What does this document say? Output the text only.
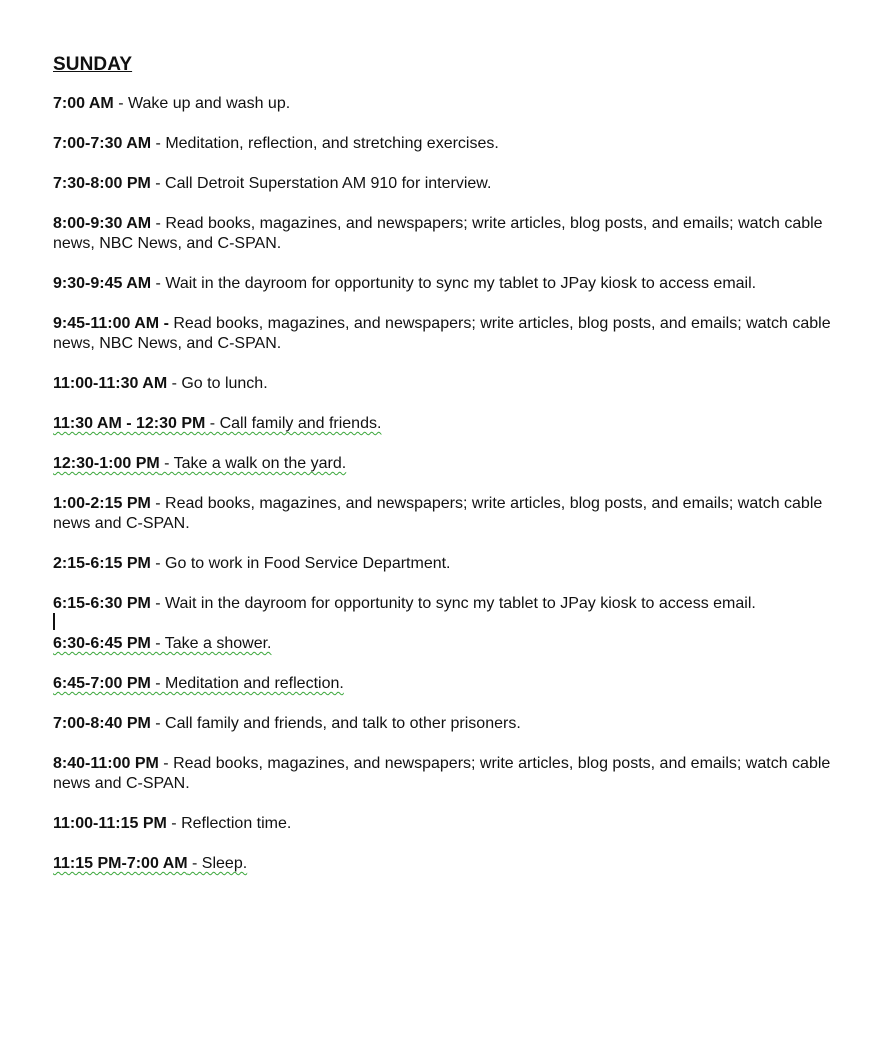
SUNDAY
7:00 AM - Wake up and wash up.
7:00-7:30 AM - Meditation, reflection, and stretching exercises.
7:30-8:00 PM - Call Detroit Superstation AM 910 for interview.
8:00-9:30 AM - Read books, magazines, and newspapers; write articles, blog posts, and emails; watch cable news, NBC News, and C-SPAN.
9:30-9:45 AM - Wait in the dayroom for opportunity to sync my tablet to JPay kiosk to access email.
9:45-11:00 AM - Read books, magazines, and newspapers; write articles, blog posts, and emails; watch cable news, NBC News, and C-SPAN.
11:00-11:30 AM - Go to lunch.
11:30 AM - 12:30 PM - Call family and friends.
12:30-1:00 PM - Take a walk on the yard.
1:00-2:15 PM - Read books, magazines, and newspapers; write articles, blog posts, and emails; watch cable news and C-SPAN.
2:15-6:15 PM - Go to work in Food Service Department.
6:15-6:30 PM - Wait in the dayroom for opportunity to sync my tablet to JPay kiosk to access email.
6:30-6:45 PM - Take a shower.
6:45-7:00 PM - Meditation and reflection.
7:00-8:40 PM - Call family and friends, and talk to other prisoners.
8:40-11:00 PM - Read books, magazines, and newspapers; write articles, blog posts, and emails; watch cable news and C-SPAN.
11:00-11:15 PM - Reflection time.
11:15 PM-7:00 AM - Sleep.
